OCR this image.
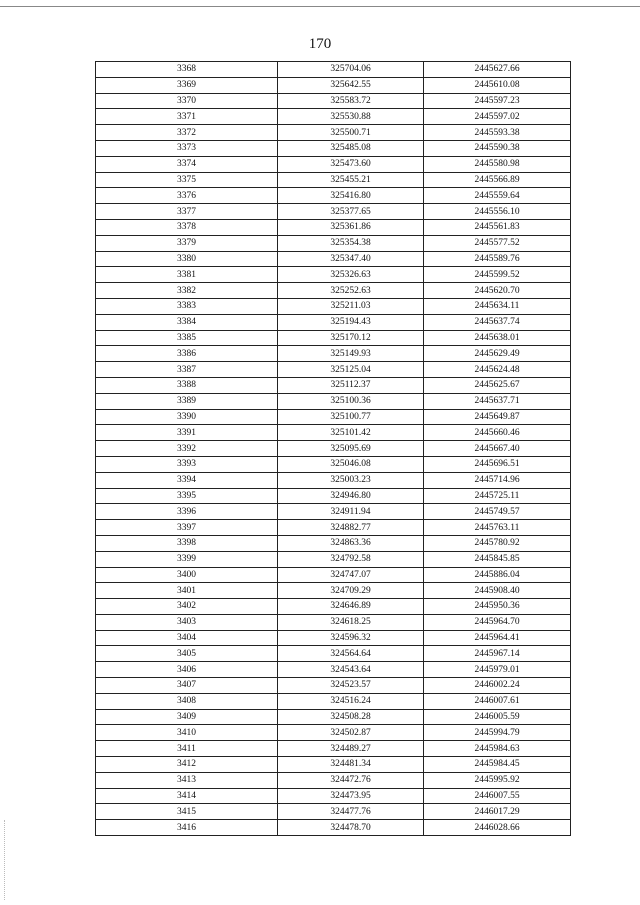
170
3368	325704.06	2445627.66
3369	325642.55	2445610.08
3370	325583.72	2445597.23
3371	325530.88	2445597.02
3372	325500.71	2445593.38
3373	325485.08	2445590.38
3374	325473.60	2445580.98
3375	325455.21	2445566.89
3376	325416.80	2445559.64
3377	325377.65	2445556.10
3378	325361.86	2445561.83
3379	325354.38	2445577.52
3380	325347.40	2445589.76
3381	325326.63	2445599.52
3382	325252.63	2445620.70
3383	325211.03	2445634.11
3384	325194.43	2445637.74
3385	325170.12	2445638.01
3386	325149.93	2445629.49
3387	325125.04	2445624.48
3388	325112.37	2445625.67
3389	325100.36	2445637.71
3390	325100.77	2445649.87
3391	325101.42	2445660.46
3392	325095.69	2445667.40
3393	325046.08	2445696.51
3394	325003.23	2445714.96
3395	324946.80	2445725.11
3396	324911.94	2445749.57
3397	324882.77	2445763.11
3398	324863.36	2445780.92
3399	324792.58	2445845.85
3400	324747.07	2445886.04
3401	324709.29	2445908.40
3402	324646.89	2445950.36
3403	324618.25	2445964.70
3404	324596.32	2445964.41
3405	324564.64	2445967.14
3406	324543.64	2445979.01
3407	324523.57	2446002.24
3408	324516.24	2446007.61
3409	324508.28	2446005.59
3410	324502.87	2445994.79
3411	324489.27	2445984.63
3412	324481.34	2445984.45
3413	324472.76	2445995.92
3414	324473.95	2446007.55
3415	324477.76	2446017.29
3416	324478.70	2446028.66
